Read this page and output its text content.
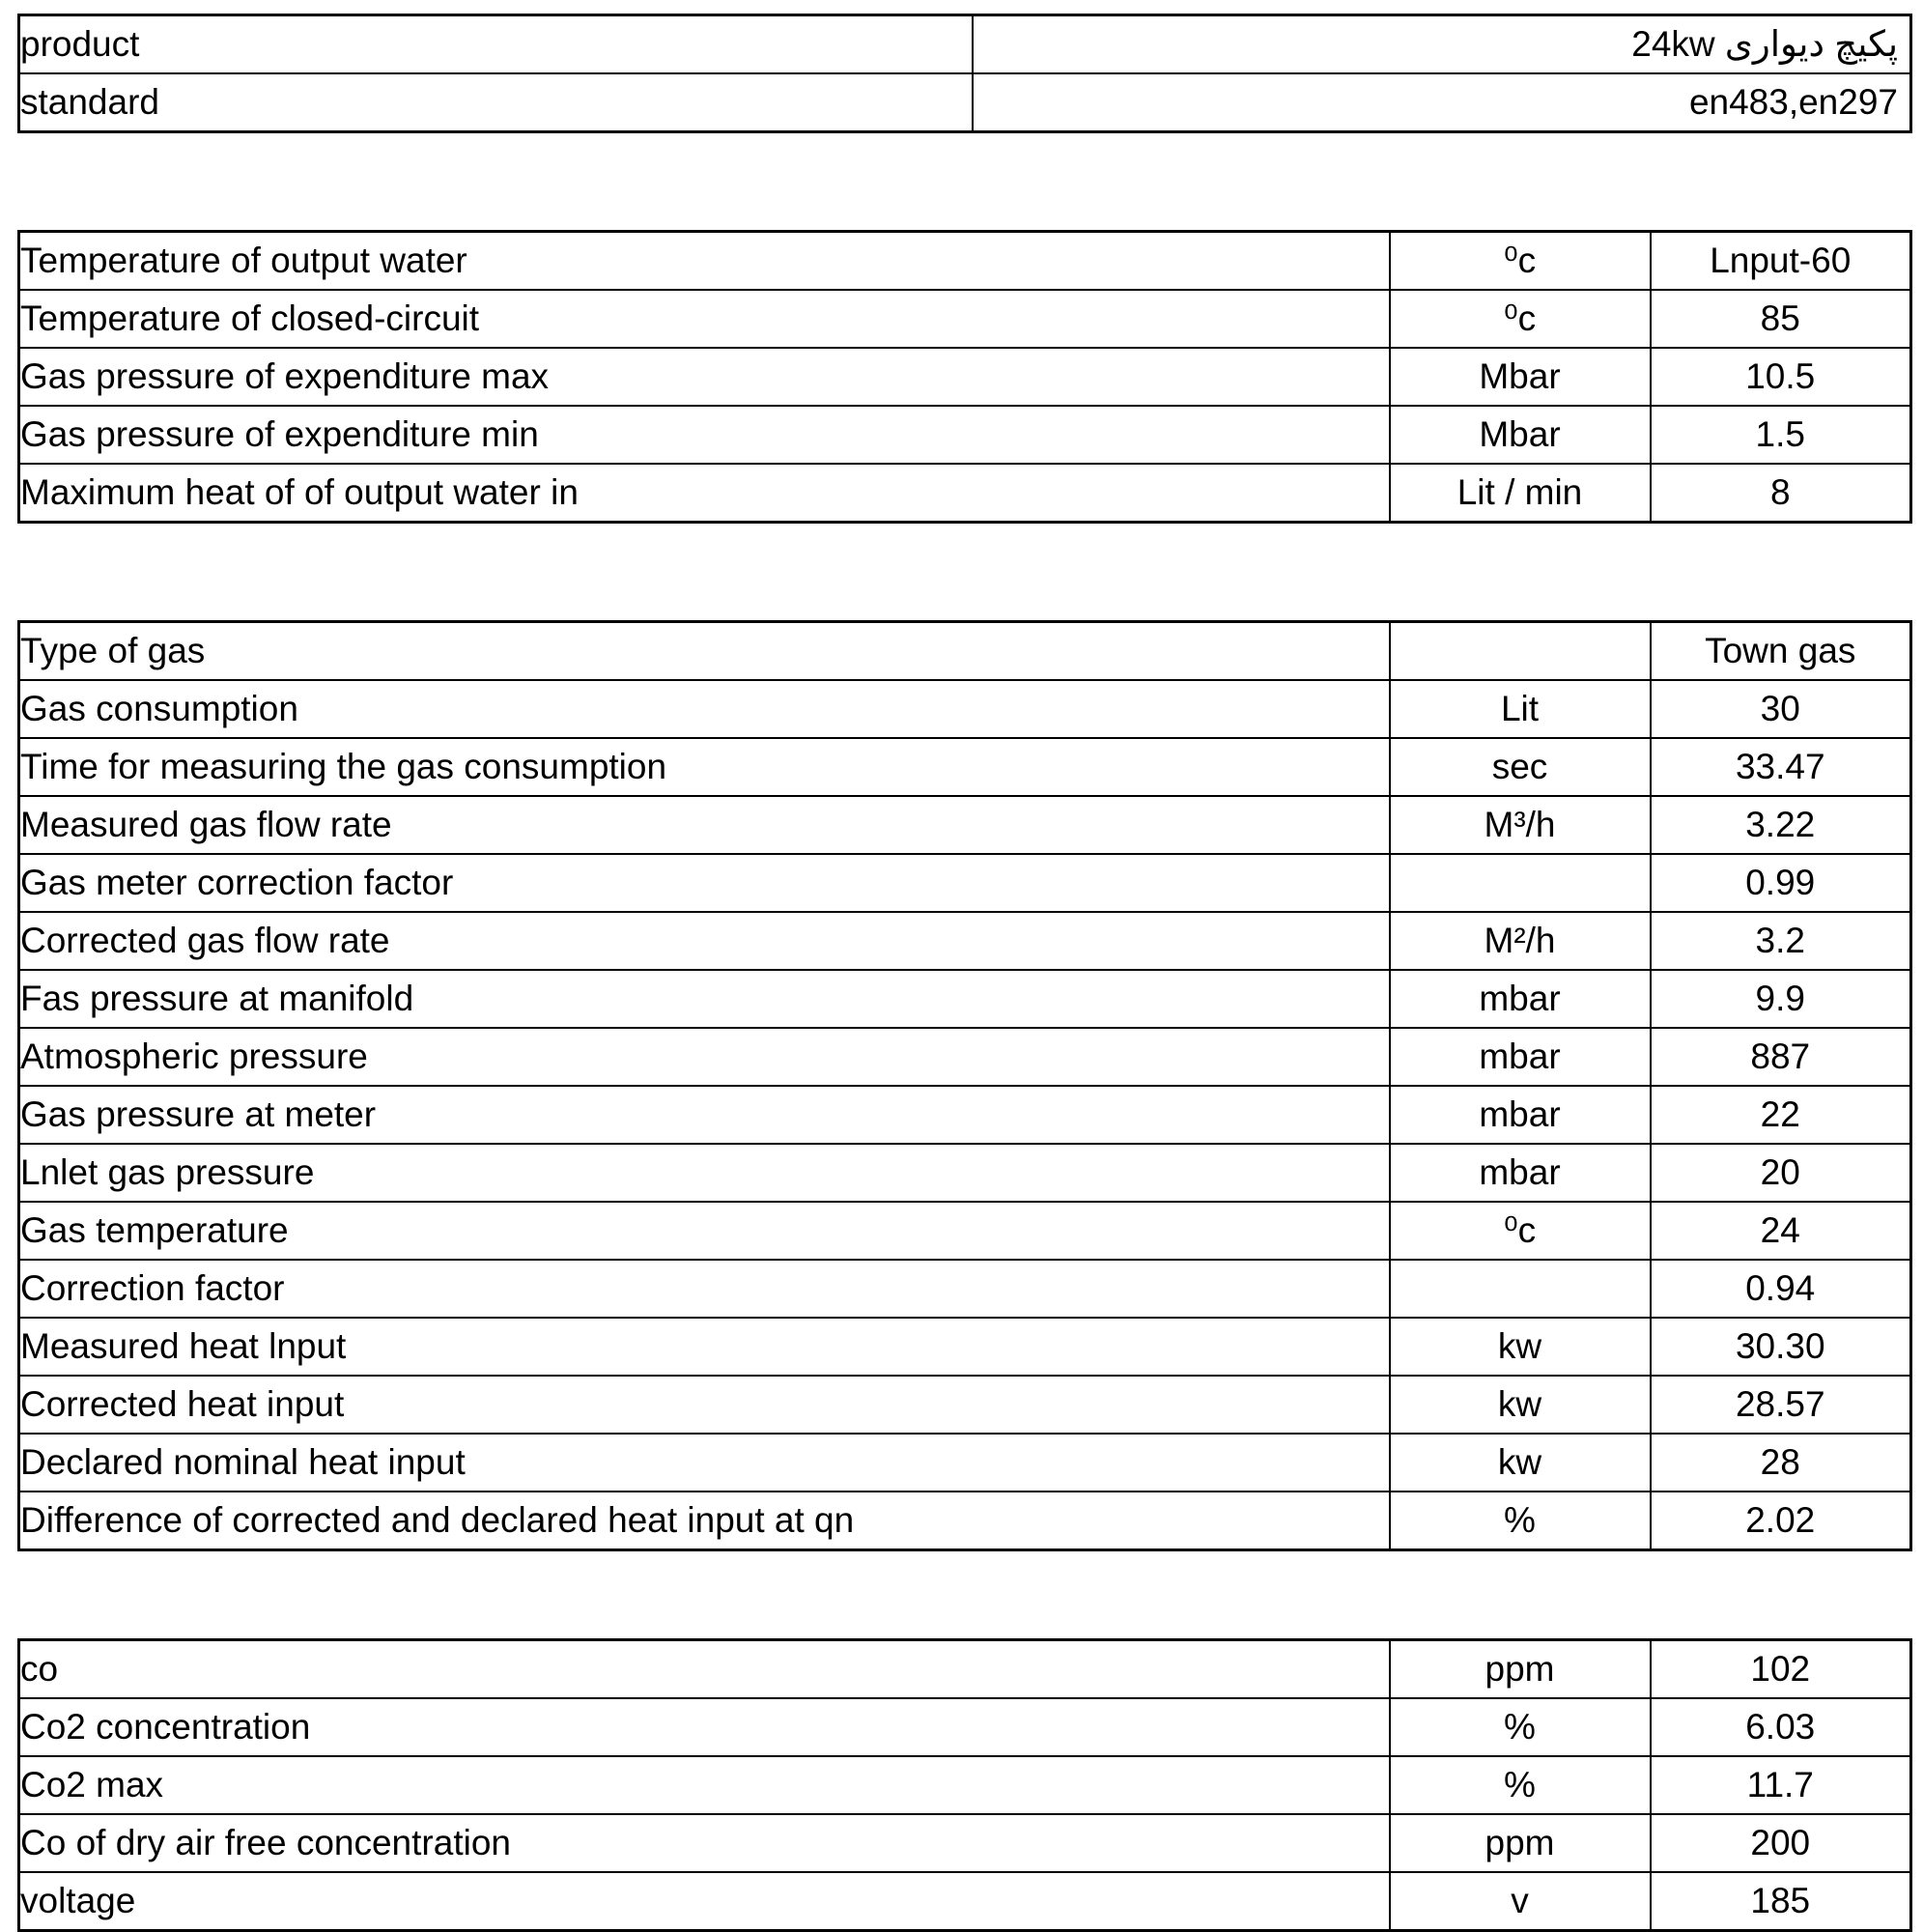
product	پکیچ دیواری 24kw
standard	en483,en297
Temperature of output water	⁰c	Lnput-60
Temperature of closed-circuit	⁰c	85
Gas pressure of expenditure max	Mbar	10.5
Gas pressure of expenditure min	Mbar	1.5
Maximum heat of of output water in	Lit / min	8
Type of gas		Town gas
Gas consumption	Lit	30
Time for measuring the gas consumption	sec	33.47
Measured gas flow rate	M³/h	3.22
Gas meter correction factor		0.99
Corrected gas flow rate	M²/h	3.2
Fas pressure at manifold	mbar	9.9
Atmospheric pressure	mbar	887
Gas pressure at meter	mbar	22
Lnlet gas pressure	mbar	20
Gas temperature	⁰c	24
Correction factor		0.94
Measured heat lnput	kw	30.30
Corrected heat input	kw	28.57
Declared nominal heat input	kw	28
Difference of corrected and declared heat input at qn	%	2.02
co	ppm	102
Co2 concentration	%	6.03
Co2 max	%	11.7
Co of dry air free concentration	ppm	200
voltage	v	185
